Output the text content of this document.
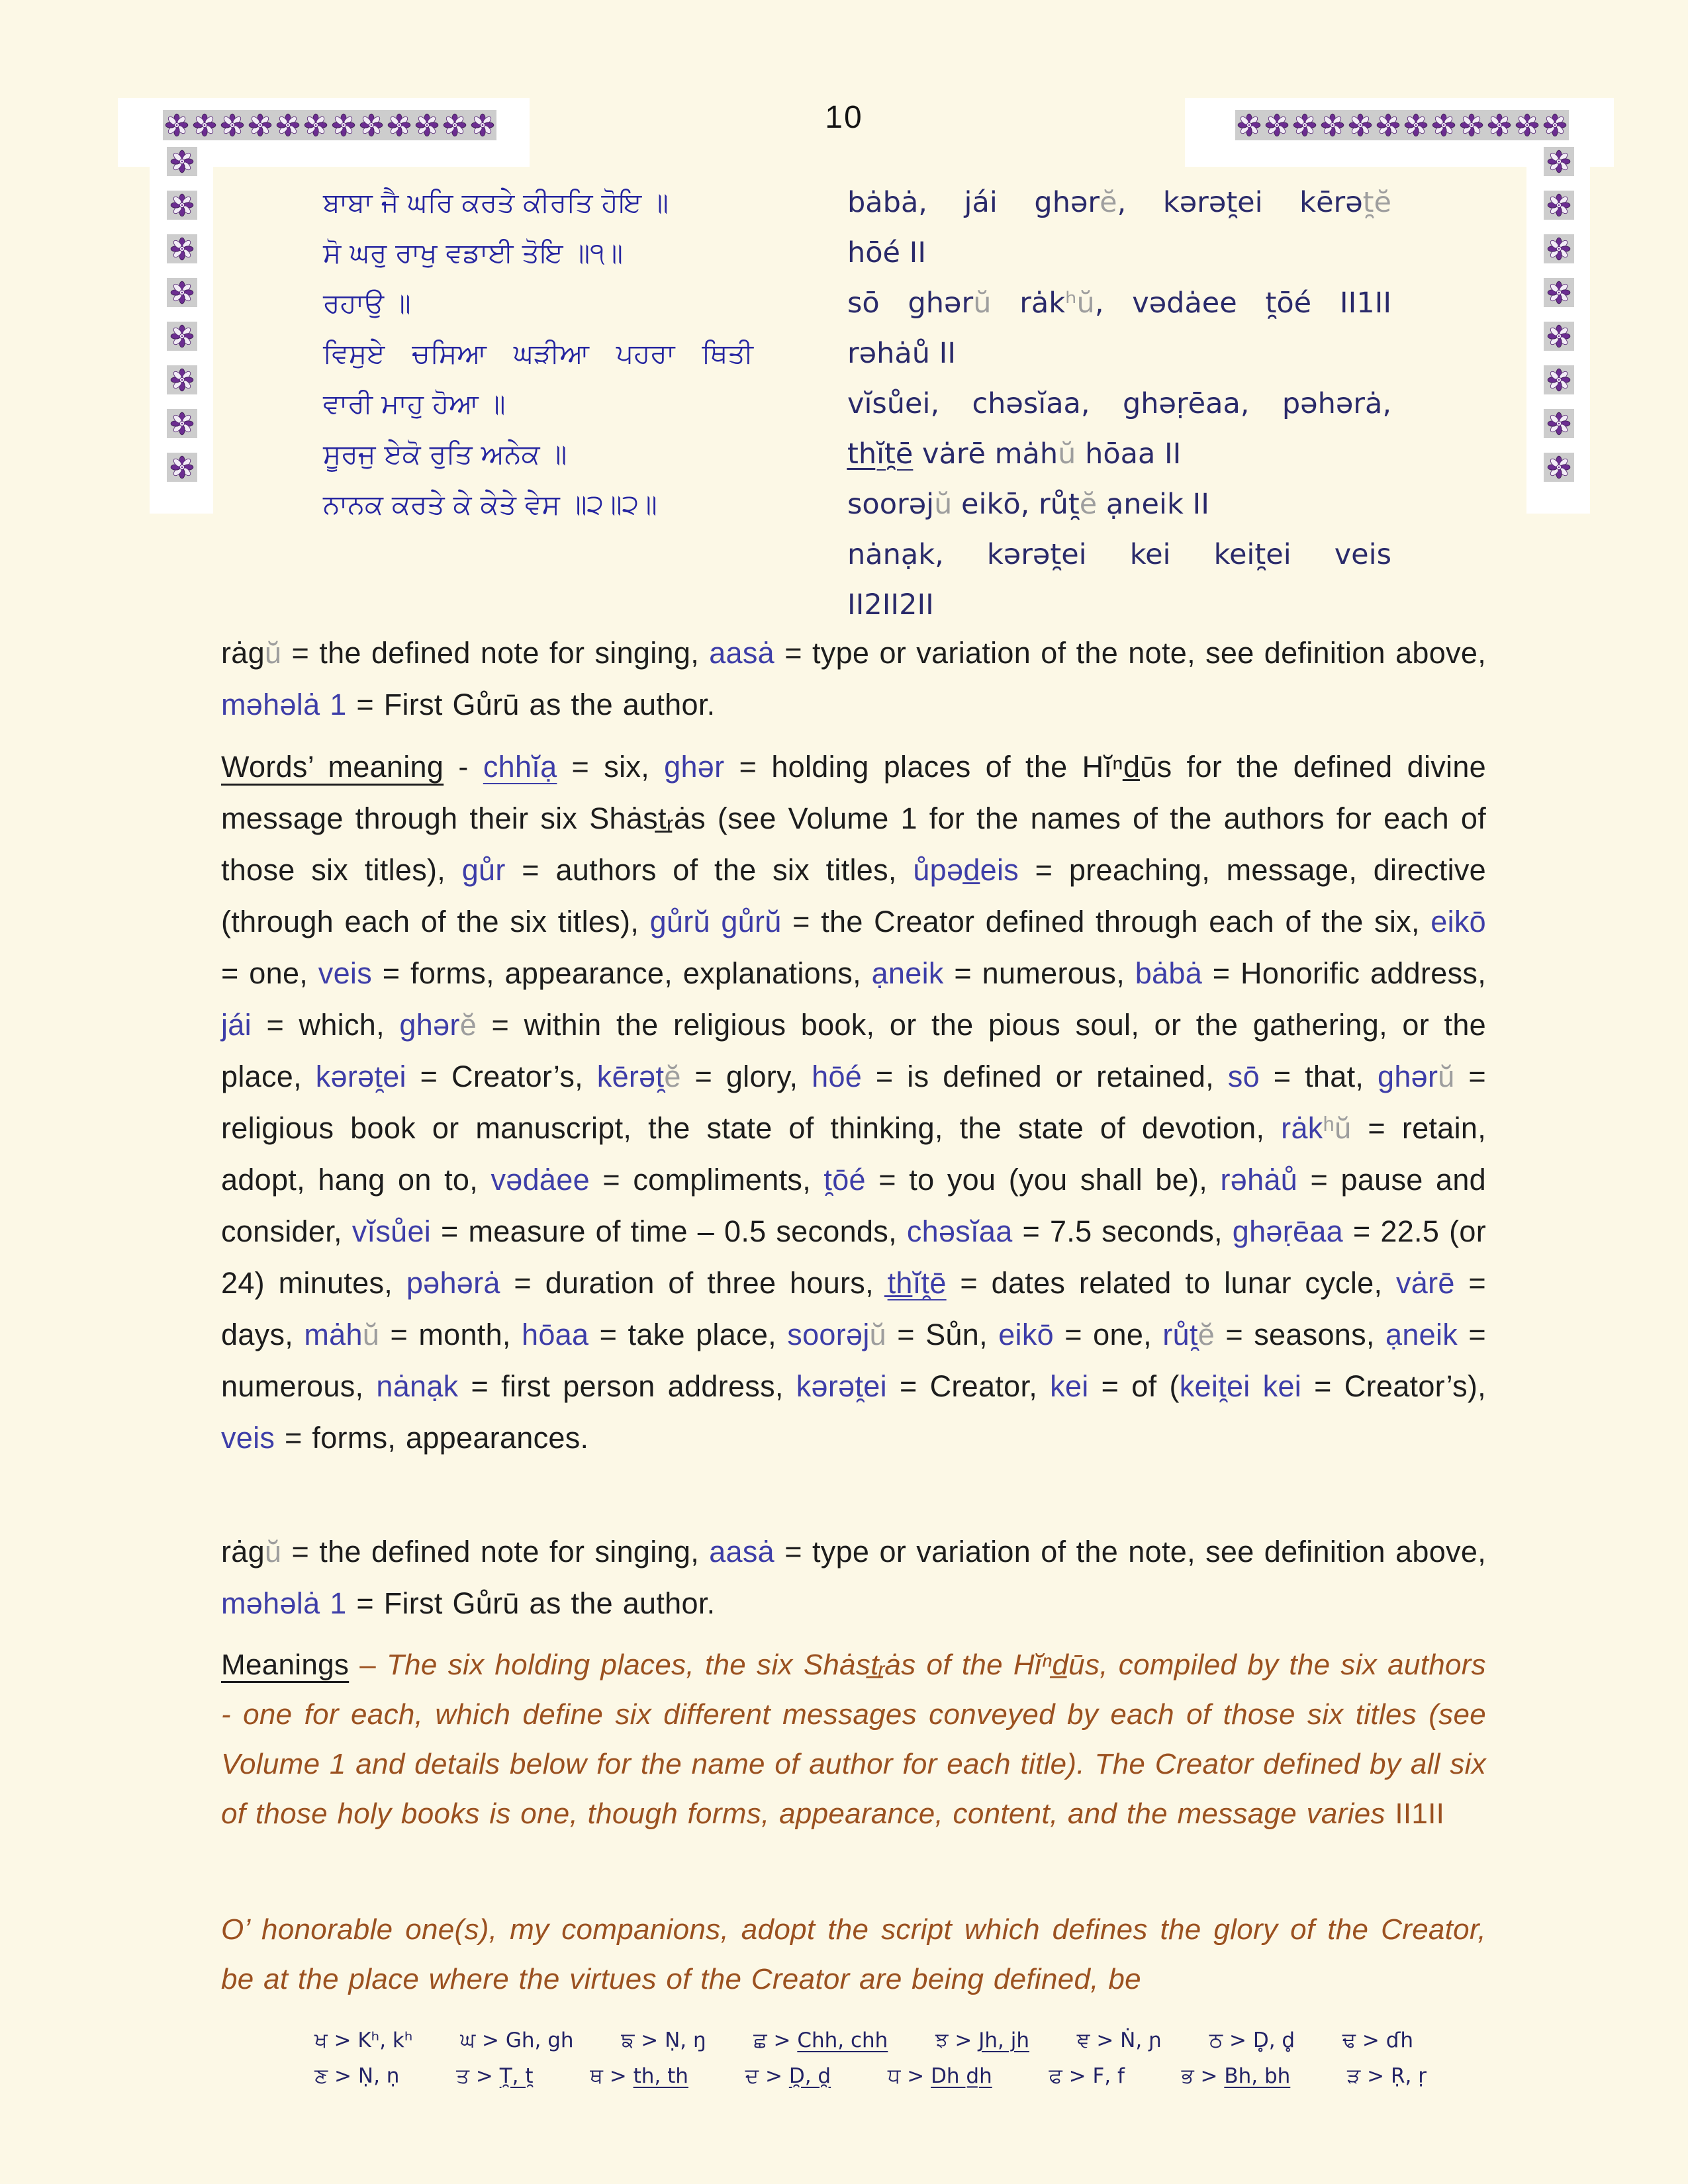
10
ਬਾਬਾ ਜੈ ਘਰਿ ਕਰਤੇ ਕੀਰਤਿ ਹੋਇ ॥
ਸੋ ਘਰੁ ਰਾਖੁ ਵਡਾਈ ਤੋਇ ॥੧॥
ਰਹਾਉ ॥
ਵਿਸੁਏ ਚਸਿਆ ਘੜੀਆ ਪਹਰਾ ਥਿਤੀ
ਵਾਰੀ ਮਾਹੁ ਹੋਆ ॥
ਸੂਰਜੁ ਏਕੋ ਰੁਤਿ ਅਨੇਕ ॥
ਨਾਨਕ ਕਰਤੇ ਕੇ ਕੇਤੇ ਵੇਸ ॥੨॥੨॥
bȧbȧ, jái ghərĕ, kərət̯ei kērət̯ĕ
hōé II
sō ghərŭ rȧkʰŭ, vədȧee t̯ōé II1II
rəhȧů II
vĭsůei, chəsĭaa, ghəṛēaa, pəhərȧ,
t̲h̲ĭt̯ē vȧrē mȧhŭ hōaa II
soorəjŭ eikō, růt̯ĕ ạneik II
nȧnạk, kərət̯ei kei keit̯ei veis
II2II2II
rȧgŭ = the defined note for singing, aasȧ = type or variation of the note, see definition above, məhəlȧ 1 = First Gůrū as the author.
Words’ meaning - chhĭạ = six, ghər = holding places of the Hĭⁿd̲ūs for the defined divine message through their six Shȧst̲ᵣȧs (see Volume 1 for the names of the authors for each of those six titles), gůr = authors of the six titles, ůpəd̲eis = preaching, message, directive (through each of the six titles), gůrŭ gůrŭ = the Creator defined through each of the six, eikō = one, veis = forms, appearance, explanations, ạneik = numerous, bȧbȧ = Honorific address, jái = which, ghərĕ = within the religious book, or the pious soul, or the gathering, or the place, kərət̯ei = Creator’s, kērət̯ĕ = glory, hōé = is defined or retained, sō = that, ghərŭ = religious book or manuscript, the state of thinking, the state of devotion, rȧkʰŭ = retain, adopt, hang on to, vədȧee = compliments, t̯ōé = to you (you shall be), rəhȧů = pause and consider, vĭsůei = measure of time – 0.5 seconds, chəsĭaa = 7.5 seconds, ghəṛēaa = 22.5 (or 24) minutes, pəhərȧ = duration of three hours, t̲h̲ĭt̯ē = dates related to lunar cycle, vȧrē = days, mȧhŭ = month, hōaa = take place, soorəjŭ = Sůn, eikō = one, růt̯ĕ = seasons, ạneik = numerous, nȧnạk = first person address, kərət̯ei = Creator, kei = of (keit̯ei kei = Creator’s), veis = forms, appearances.
rȧgŭ = the defined note for singing, aasȧ = type or variation of the note, see definition above, məhəlȧ 1 = First Gůrū as the author.
Meanings – The six holding places, the six Shȧst̲ᵣȧs of the Hĭⁿd̲ūs, compiled by the six authors - one for each, which define six different messages conveyed by each of those six titles (see Volume 1 and details below for the name of author for each title). The Creator defined by all six of those holy books is one, though forms, appearance, content, and the message varies II1II
O’ honorable one(s), my companions, adopt the script which defines the glory of the Creator, be at the place where the virtues of the Creator are being defined, be
ਖ > Kʰ, kʰ ਘ > Gh, gh ਙ > Ṇ, ŋ ਛ > Chh, chh ਝ > Jh, jh ਞ > Ṅ, ɲ ਠ > D̥, d̥ ਢ > ɗh
ਣ > Ṇ, ṇ	ਤ > T̯, t̯	ਥ > th, th	ਦ > D̯, d̯	ਧ > Dh d̲h	ਫ > F, f	ਭ > Bh, bh	ੜ > Ṛ, ṛ
